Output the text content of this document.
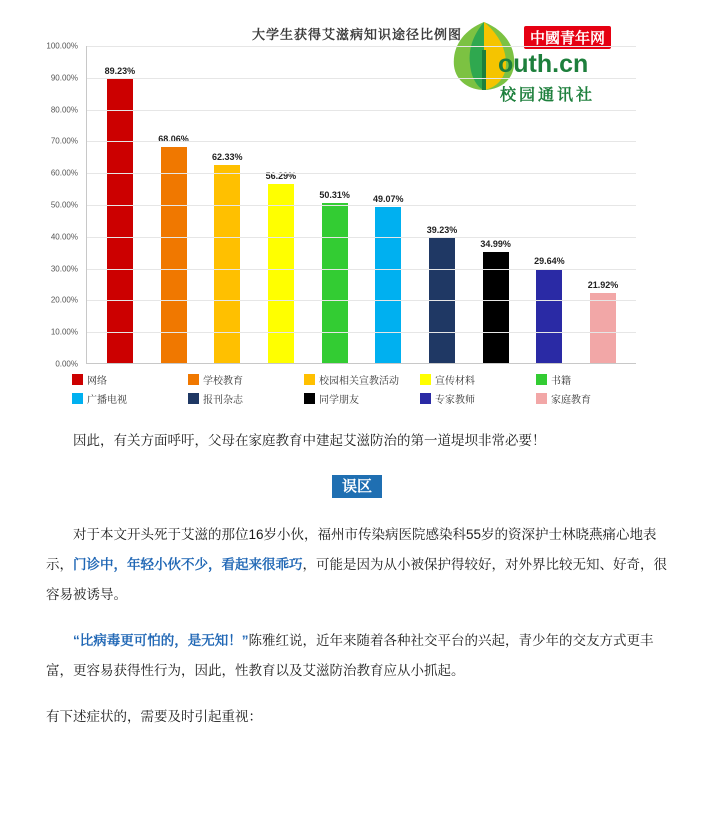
大学生获得艾滋病知识途径比例图	中國青年网
outh.cn
校园通讯社
100.00%
90.00%
80.00%
70.00%
60.00%
50.00%
40.00%
30.00%
20.00%
10.00%
0.00%
89.23%
68.06%
62.33%
56.29%
50.31%	49.07%
39.23%
34.99%
29.64%
21.92%
网络	学校教育	校园相关宣教活动	宣传材料	书籍
广播电视	报刊杂志	同学朋友	专家教师	家庭教育

因此，有关方面呼吁，父母在家庭教育中建起艾滋防治的第一道堤坝非常必要！

误区

对于本文开头死于艾滋的那位16岁小伙，福州市传染病医院感染科55岁的资深护士林晓燕痛心地表示，门诊中，年轻小伙不少，看起来很乖巧，可能是因为从小被保护得较好，对外界比较无知、好奇，很容易被诱导。

“比病毒更可怕的，是无知！”陈雅红说，近年来随着各种社交平台的兴起，青少年的交友方式更丰富，更容易获得性行为，因此，性教育以及艾滋防治教育应从小抓起。

有下述症状的，需要及时引起重视：
